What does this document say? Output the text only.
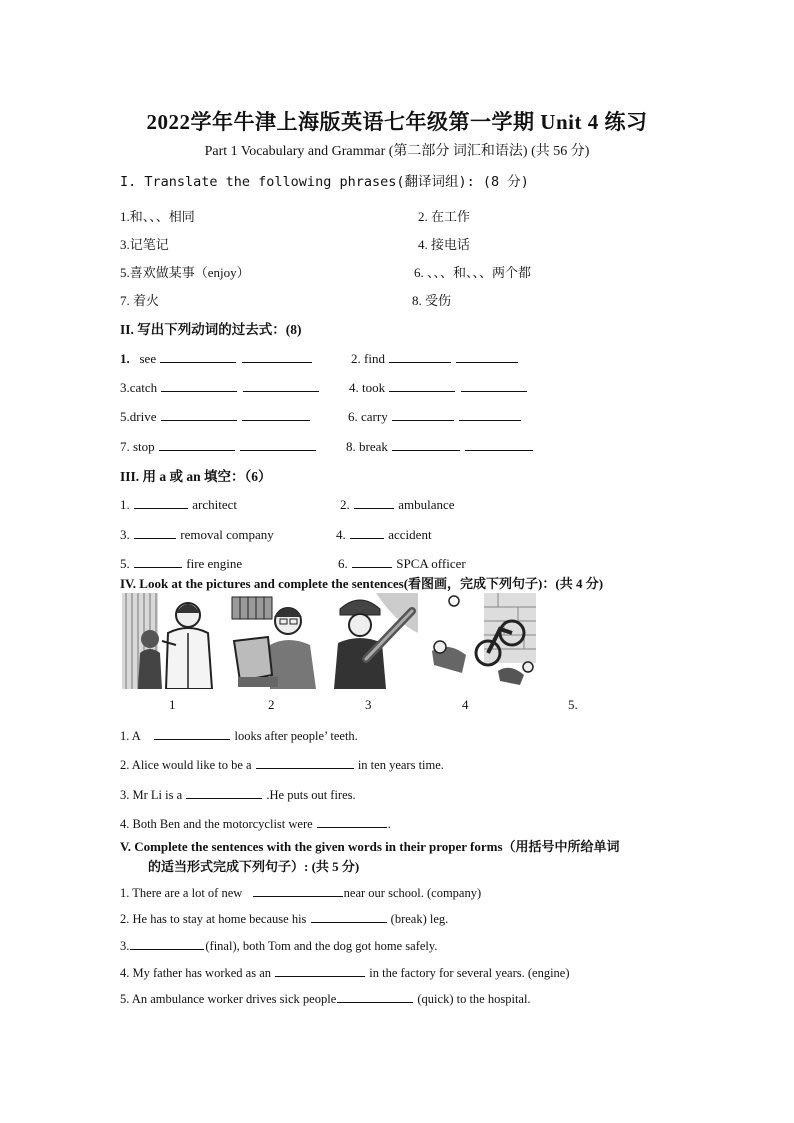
2022学年牛津上海版英语七年级第一学期 Unit 4 练习
Part 1 Vocabulary and Grammar (第二部分 词汇和语法) (共 56 分)
I. Translate the following phrases(翻译词组): (8 分)
1.和、、、相同	2. 在工作
3.记笔记	4. 接电话
5.喜欢做某事（enjoy）	6. 、、、和、、、两个都
7. 着火	8. 受伤
II. 写出下列动词的过去式：(8)
1. see	2. find
3.catch	4. took
5.drive	6. carry
7. stop	8. break
III. 用 a 或 an 填空：（6）
1.	architect	2.	ambulance
3.	removal company	4.	accident
5.	fire engine	6.	SPCA officer
IV. Look at the pictures and complete the sentences(看图画，完成下列句子)：(共 4 分)
1	2	3	4	5.
1. A	looks after people’ teeth.
2. Alice would like to be a	in ten years time.
3. Mr Li is a	.He puts out fires.
4. Both Ben and the motorcyclist were	.
V. Complete the sentences with the given words in their proper forms（用括号中所给单词
的适当形式完成下列句子）: (共 5 分)
1. There are a lot of new	near our school. (company)
2. He has to stay at home because his	(break) leg.
3.	(final), both Tom and the dog got home safely.
4. My father has worked as an	in the factory for several years. (engine)
5. An ambulance worker drives sick people	(quick) to the hospital.
